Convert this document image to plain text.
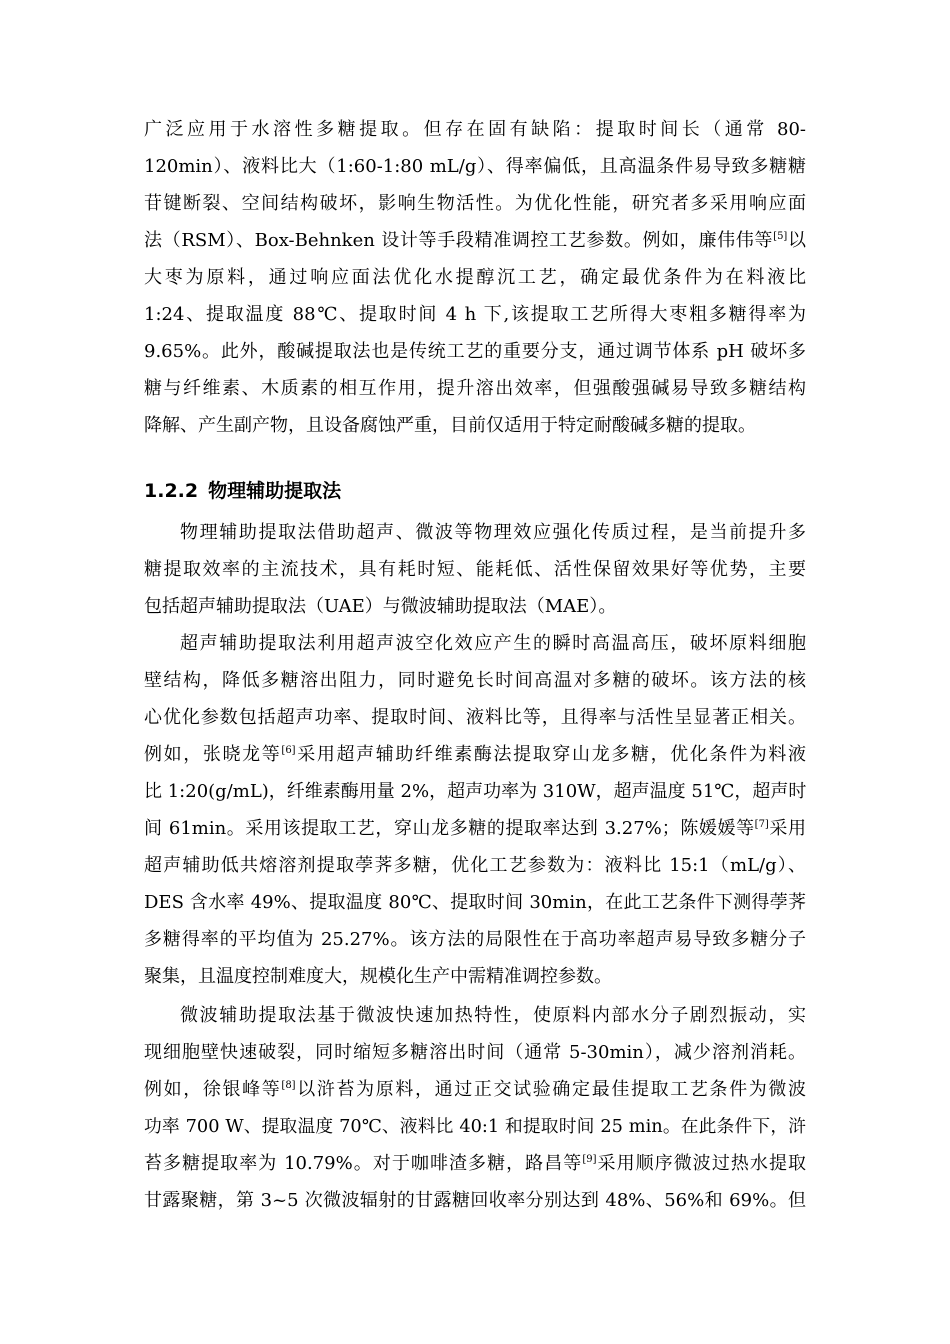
广泛应用于水溶性多糖提取。但存在固有缺陷：提取时间长（通常 80-
120min）、液料比大（1:60-1:80 mL/g）、得率偏低，且高温条件易导致多糖糖
苷键断裂、空间结构破坏，影响生物活性。为优化性能，研究者多采用响应面
法（RSM）、Box-Behnken 设计等手段精准调控工艺参数。例如，廉伟伟等[5]以
大枣为原料，通过响应面法优化水提醇沉工艺，确定最优条件为在料液比
1:24、提取温度 88℃、提取时间 4 h 下,该提取工艺所得大枣粗多糖得率为
9.65%。此外，酸碱提取法也是传统工艺的重要分支，通过调节体系 pH 破坏多
糖与纤维素、木质素的相互作用，提升溶出效率，但强酸强碱易导致多糖结构
降解、产生副产物，且设备腐蚀严重，目前仅适用于特定耐酸碱多糖的提取。
1.2.2 物理辅助提取法
物理辅助提取法借助超声、微波等物理效应强化传质过程，是当前提升多
糖提取效率的主流技术，具有耗时短、能耗低、活性保留效果好等优势，主要
包括超声辅助提取法（UAE）与微波辅助提取法（MAE）。
超声辅助提取法利用超声波空化效应产生的瞬时高温高压，破坏原料细胞
壁结构，降低多糖溶出阻力，同时避免长时间高温对多糖的破坏。该方法的核
心优化参数包括超声功率、提取时间、液料比等，且得率与活性呈显著正相关。
例如，张晓龙等[6]采用超声辅助纤维素酶法提取穿山龙多糖，优化条件为料液
比 1:20(g/mL)，纤维素酶用量 2%，超声功率为 310W，超声温度 51℃，超声时
间 61min。采用该提取工艺，穿山龙多糖的提取率达到 3.27%；陈媛媛等[7]采用
超声辅助低共熔溶剂提取荸荠多糖，优化工艺参数为：液料比 15:1（mL/g）、
DES 含水率 49%、提取温度 80℃、提取时间 30min，在此工艺条件下测得荸荠
多糖得率的平均值为 25.27%。该方法的局限性在于高功率超声易导致多糖分子
聚集，且温度控制难度大，规模化生产中需精准调控参数。
微波辅助提取法基于微波快速加热特性，使原料内部水分子剧烈振动，实
现细胞壁快速破裂，同时缩短多糖溶出时间（通常 5-30min），减少溶剂消耗。
例如，徐银峰等[8]以浒苔为原料，通过正交试验确定最佳提取工艺条件为微波
功率 700 W、提取温度 70℃、液料比 40:1 和提取时间 25 min。在此条件下，浒
苔多糖提取率为 10.79%。对于咖啡渣多糖，路昌等[9]采用顺序微波过热水提取
甘露聚糖，第 3~5 次微波辐射的甘露糖回收率分别达到 48%、56%和 69%。但
